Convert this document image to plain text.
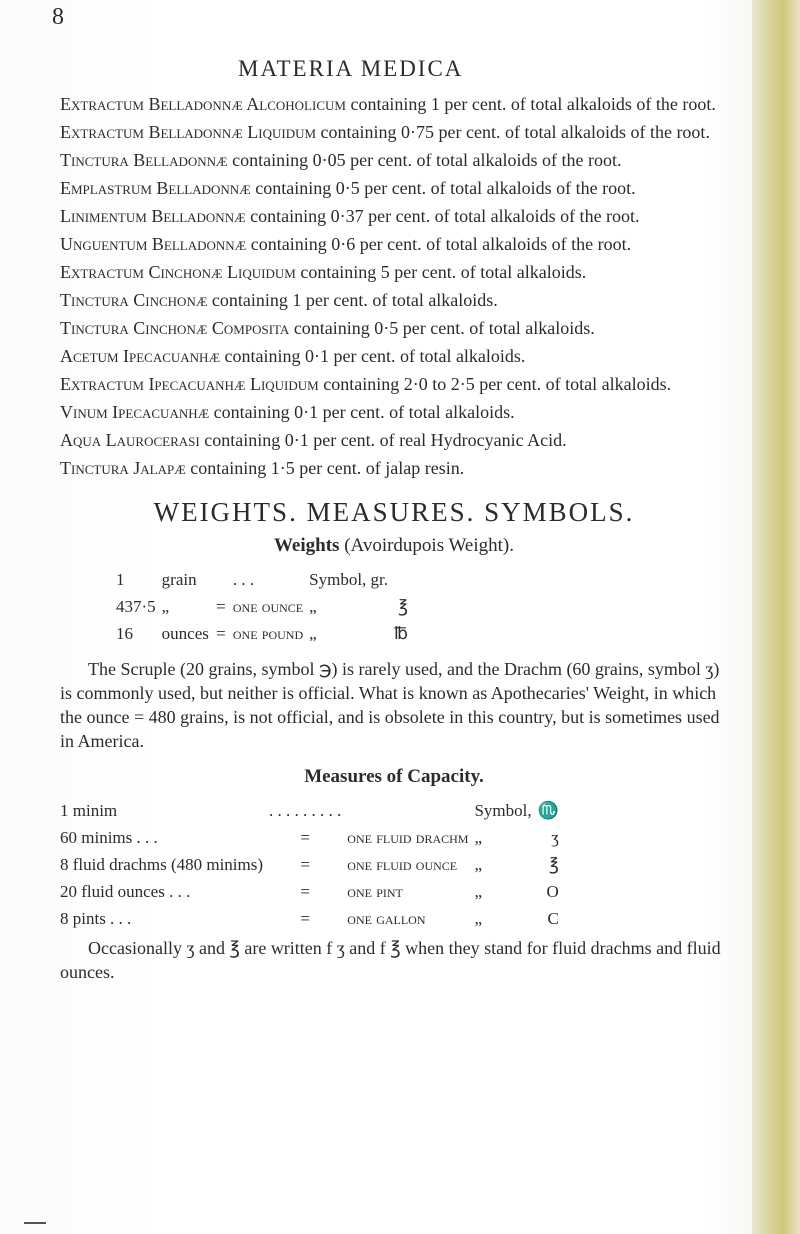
8
MATERIA MEDICA

Extractum Belladonnæ Alcoholicum containing 1 per cent. of total alkaloids of the root.

Extractum Belladonnæ Liquidum containing 0·75 per cent. of total alkaloids of the root.

Tinctura Belladonnæ containing 0·05 per cent. of total alkaloids of the root.

Emplastrum Belladonnæ containing 0·5 per cent. of total alkaloids of the root.

Linimentum Belladonnæ containing 0·37 per cent. of total alkaloids of the root.

Unguentum Belladonnæ containing 0·6 per cent. of total alkaloids of the root.

Extractum Cinchonæ Liquidum containing 5 per cent. of total alkaloids.

Tinctura Cinchonæ containing 1 per cent. of total alkaloids.

Tinctura Cinchonæ Composita containing 0·5 per cent. of total alkaloids.

Acetum Ipecacuanhæ containing 0·1 per cent. of total alkaloids.

Extractum Ipecacuanhæ Liquidum containing 2·0 to 2·5 per cent. of total alkaloids.

Vinum Ipecacuanhæ containing 0·1 per cent. of total alkaloids.

Aqua Laurocerasi containing 0·1 per cent. of real Hydrocyanic Acid.

Tinctura Jalapæ containing 1·5 per cent. of jalap resin.

WEIGHTS. MEASURES. SYMBOLS.
Weights (Avoirdupois Weight).
1	grain		. . .	Symbol, gr.	
437·5	„	=	one ounce	„	℥
16	ounces	=	one pound	„	℔

The Scruple (20 grains, symbol ℈) is rarely used, and the Drachm (60 grains, symbol ʒ) is commonly used, but neither is official. What is known as Apothecaries' Weight, in which the ounce = 480 grains, is not official, and is obsolete in this country, but is sometimes used in America.

Measures of Capacity.
1 minim	. . . . . . . . .		Symbol,	♏
60 minims . . .	=	one fluid drachm	„	ʒ
8 fluid drachms (480 minims)	=	one fluid ounce	„	℥
20 fluid ounces . . .	=	one pint	„	O
8 pints . . .	=	one gallon	„	C

Occasionally ʒ and ℥ are written f ʒ and f ℥ when they stand for fluid drachms and fluid ounces.
